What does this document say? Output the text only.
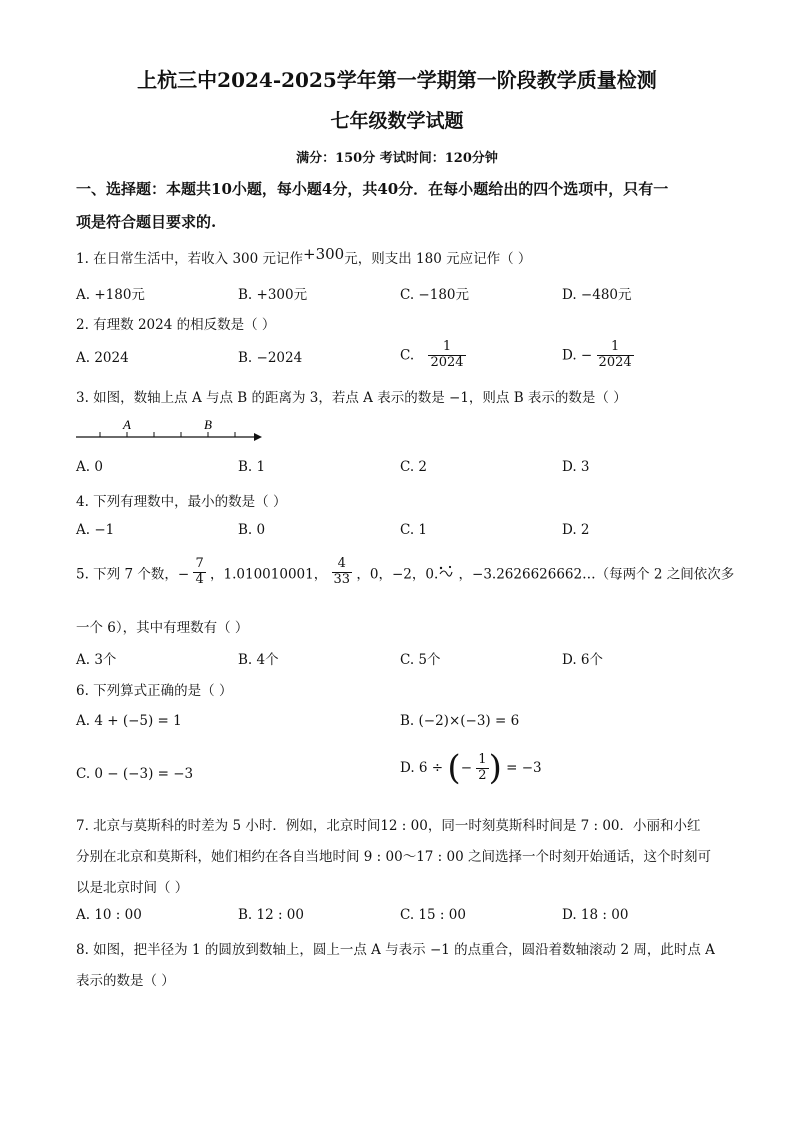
上杭三中2024-2025学年第一学期第一阶段教学质量检测
七年级数学试题
满分：150分 考试时间：120分钟
一、选择题：本题共10小题，每小题4分，共40分．在每小题给出的四个选项中，只有一
项是符合题目要求的.
1. 在日常生活中，若收入 300 元记作+300元，则支出 180 元应记作（ ）
A. +180元	B. +300元	C. −180元	D. −480元
2. 有理数 2024 的相反数是（ ）
A. 2024	B. −2024	C. $\frac{1}{2024}$	D. − $\frac{1}{2024}$
3. 如图，数轴上点 A 与点 B 的距离为 3，若点 A 表示的数是 −1，则点 B 表示的数是（ ）
A	B
A. 0	B. 1	C. 2	D. 3
4. 下列有理数中，最小的数是（ ）
A. −1	B. 0	C. 1	D. 2
5. 下列 7 个数，− $\frac{7}{4}$ ，1.010010001， $\frac{4}{33}$ ，0，−2，0. ，−3.2626626662…（每两个 2 之间依次多
一个 6），其中有理数有（ ）
A. 3个	B. 4个	C. 5个	D. 6个
6. 下列算式正确的是（ ）
A. 4 + (−5) = 1	B. (−2)×(−3) = 6
C. 0 − (−3) = −3	D. 6 ÷ (− $\frac{1}{2}$ ) = −3
7. 北京与莫斯科的时差为 5 小时．例如，北京时间12 : 00，同一时刻莫斯科时间是 7 : 00．小丽和小红
分别在北京和莫斯科，她们相约在各自当地时间 9 : 00～17 : 00 之间选择一个时刻开始通话，这个时刻可
以是北京时间（ ）
A. 10 : 00	B. 12 : 00	C. 15 : 00	D. 18 : 00
8. 如图，把半径为 1 的圆放到数轴上，圆上一点 A 与表示 −1 的点重合，圆沿着数轴滚动 2 周，此时点 A
表示的数是（ ）
